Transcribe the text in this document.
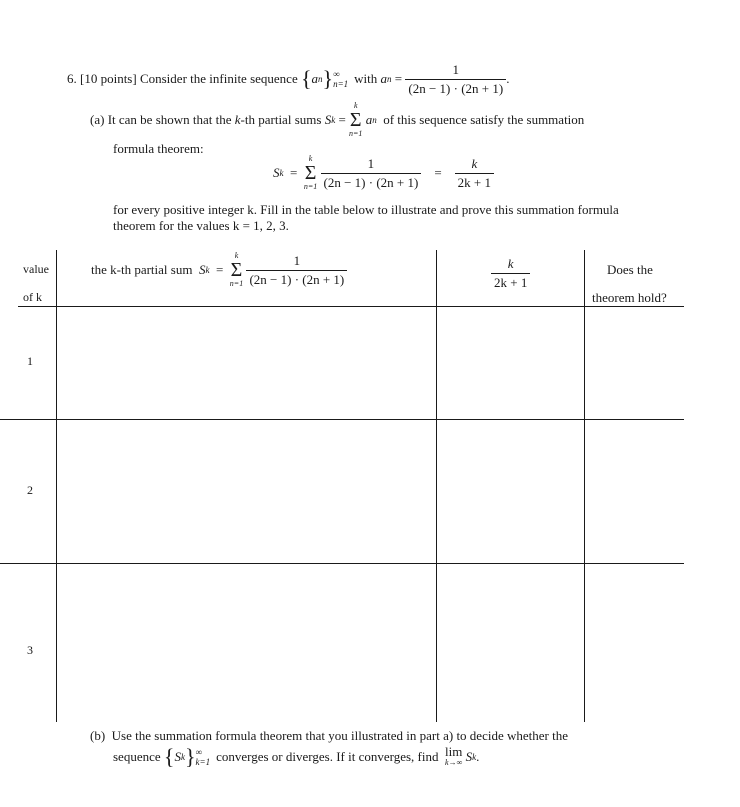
6.
[10 points]
Consider the infinite sequence
{ a n } ∞
n=1 with
a n
=
$\frac{1}{(2n - 1) \cdot (2n + 1)}$ .
(a)
It can be shown that the
k -th partial sums
S k =
k
Σ
n=1

a n
of this sequence satisfy the summation
formula theorem:
S k =
k
Σ
n=1
$\frac{1}{(2n - 1) \cdot (2n + 1)} = \frac{k}{2k + 1}$
for every positive integer k. Fill in the table below to illustrate and prove this summation formula
theorem for the values k = 1, 2, 3.
value
of k
the k-th partial sum
S k =
k
Σ
n=1
$\frac{1}{(2n - 1) \cdot (2n + 1)}$	$\frac{k}{2k + 1}$	Does the
theorem hold?
1
2
3
(b) Use the summation formula theorem that you illustrated in part a) to decide whether the
sequence
{ S k } ∞
k=1 converges or diverges. If it converges, find
lim
k→∞
S k .
